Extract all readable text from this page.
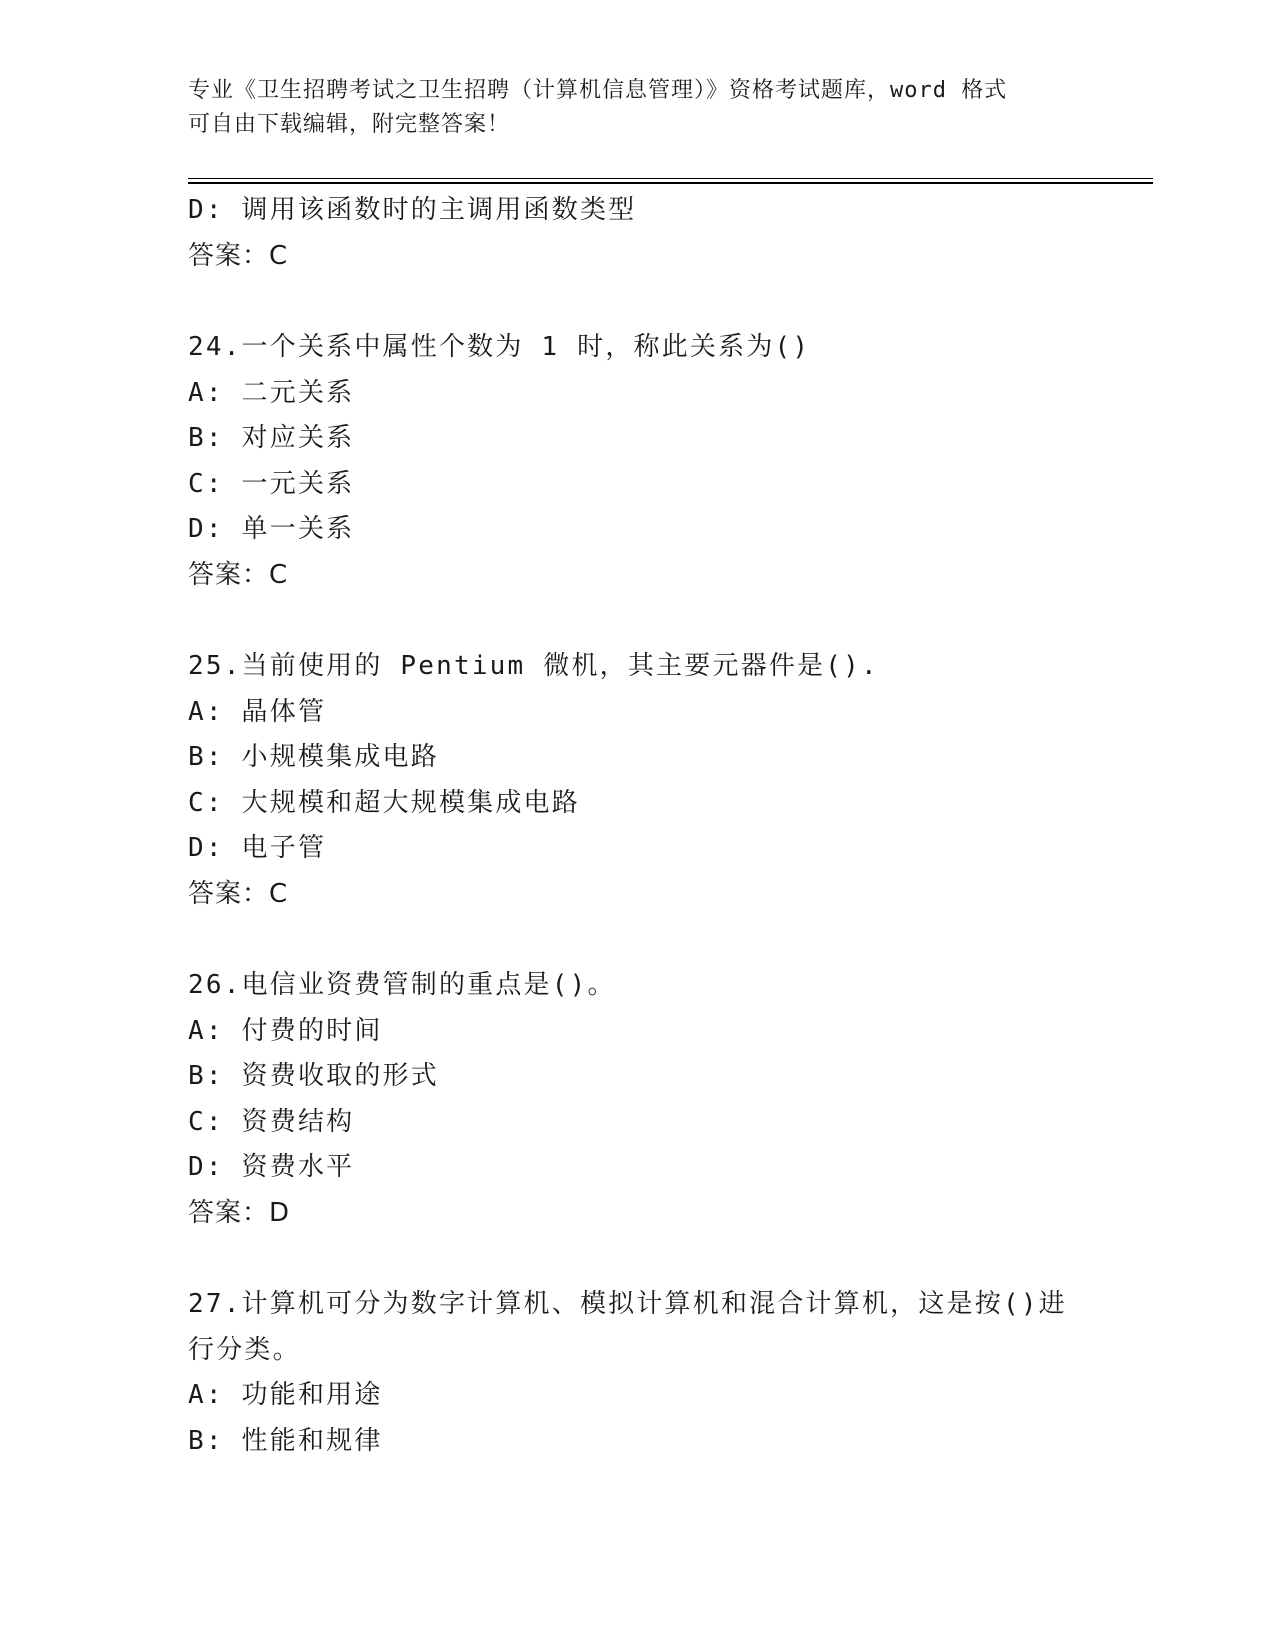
专业《卫生招聘考试之卫生招聘（计算机信息管理）》资格考试题库，word 格式
可自由下载编辑，附完整答案！
D: 调用该函数时的主调用函数类型
答案：C
24.一个关系中属性个数为 1 时，称此关系为()
A: 二元关系
B: 对应关系
C: 一元关系
D: 单一关系
答案：C
25.当前使用的 Pentium 微机，其主要元器件是().
A: 晶体管
B: 小规模集成电路
C: 大规模和超大规模集成电路
D: 电子管
答案：C
26.电信业资费管制的重点是()。
A: 付费的时间
B: 资费收取的形式
C: 资费结构
D: 资费水平
答案：D
27.计算机可分为数字计算机、模拟计算机和混合计算机，这是按()进
行分类。
A: 功能和用途
B: 性能和规律
